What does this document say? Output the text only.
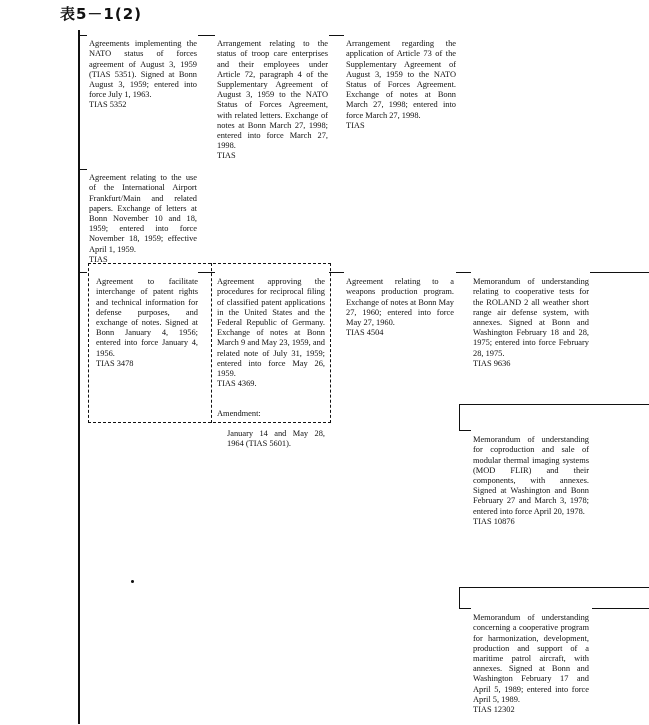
表5－1(2)

Agreements implementing the NATO status of forces agreement of August 3, 1959 (TIAS 5351). Signed at Bonn August 3, 1959; entered into force July 1, 1963.

TIAS 5352

Arrangement relating to the status of troop care enterprises and their employees under Article 72, paragraph 4 of the Supplementary Agreement of August 3, 1959 to the NATO Status of Forces Agreement, with related letters. Exchange of notes at Bonn March 27, 1998; entered into force March 27, 1998.

TIAS

Arrangement regarding the application of Article 73 of the Supplementary Agreement of August 3, 1959 to the NATO Status of Forces Agreement. Exchange of notes at Bonn March 27, 1998; entered into force March 27, 1998.

TIAS

Agreement relating to the use of the International Airport Frankfurt/Main and related papers. Exchange of letters at Bonn November 10 and 18, 1959; entered into force November 18, 1959; effective April 1, 1959.

TIAS

Agreement to facilitate interchange of patent rights and technical information for defense purposes, and exchange of notes. Signed at Bonn January 4, 1956; entered into force January 4, 1956.

TIAS 3478

Agreement approving the procedures for reciprocal filing of classified patent applications in the United States and the Federal Republic of Germany. Exchange of notes at Bonn March 9 and May 23, 1959, and related note of July 31, 1959; entered into force May 26, 1959.

TIAS 4369.

Amendment:

January 14 and May 28, 1964 (TIAS 5601).

Agreement relating to a weapons production program. Exchange of notes at Bonn May 27, 1960; entered into force May 27, 1960.

TIAS 4504

Memorandum of understanding relating to cooperative tests for the ROLAND 2 all weather short range air defense system, with annexes. Signed at Bonn and Washington February 18 and 28, 1975; entered into force February 28, 1975.

TIAS 9636

Memorandum of understanding for coproduction and sale of modular thermal imaging systems (MOD FLIR) and their components, with annexes. Signed at Washington and Bonn February 27 and March 3, 1978; entered into force April 20, 1978.

TIAS 10876

Memorandum of understanding concerning a cooperative program for harmonization, development, production and support of a maritime patrol aircraft, with annexes. Signed at Bonn and Washington February 17 and April 5, 1989; entered into force April 5, 1989.

TIAS 12302
